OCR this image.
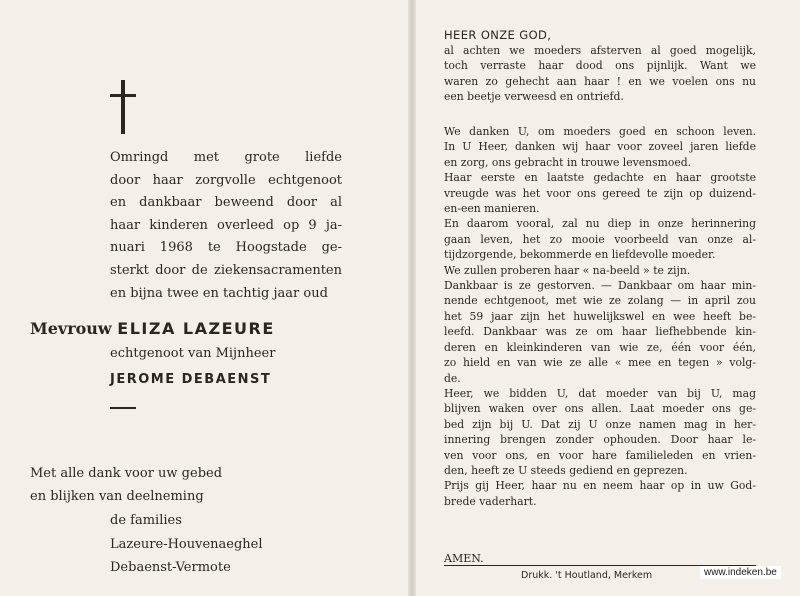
Omringd met grote liefde
door haar zorgvolle echtgenoot
en dankbaar beweend door al
haar kinderen overleed op 9 ja-
nuari 1968 te Hoogstade ge-
sterkt door de ziekensacramenten
en bijna twee en tachtig jaar oud
Mevrouw ELIZA LAZEURE
echtgenoot van Mijnheer
JEROME DEBAENST
Met alle dank voor uw gebed
en blijken van deelneming
de families
Lazeure-Houvenaeghel
Debaenst-Vermote
HEER ONZE GOD,
al achten we moeders afsterven al goed mogelijk,
toch verraste haar dood ons pijnlijk. Want we
waren zo gehecht aan haar ! en we voelen ons nu
een beetje verweesd en ontriefd.
We danken U, om moeders goed en schoon leven.
In U Heer, danken wij haar voor zoveel jaren liefde
en zorg, ons gebracht in trouwe levensmoed.
Haar eerste en laatste gedachte en haar grootste
vreugde was het voor ons gereed te zijn op duizend-
en-een manieren.
En daarom vooral, zal nu diep in onze herinnering
gaan leven, het zo mooie voorbeeld van onze al-
tijdzorgende, bekommerde en liefdevolle moeder.
We zullen proberen haar « na-beeld » te zijn.
Dankbaar is ze gestorven. — Dankbaar om haar min-
nende echtgenoot, met wie ze zolang — in april zou
het 59 jaar zijn het huwelijkswel en wee heeft be-
leefd. Dankbaar was ze om haar liefhebbende kin-
deren en kleinkinderen van wie ze, één voor één,
zo hield en van wie ze alle « mee en tegen » volg-
de.
Heer, we bidden U, dat moeder van bij U, mag
blijven waken over ons allen. Laat moeder ons ge-
bed zijn bij U. Dat zij U onze namen mag in her-
innering brengen zonder ophouden. Door haar le-
ven voor ons, en voor hare familieleden en vrien-
den, heeft ze U steeds gediend en geprezen.
Prijs gij Heer, haar nu en neem haar op in uw God-
brede vaderhart.
AMEN.
Drukk. 't Houtland, Merkem	www.indeken.be
